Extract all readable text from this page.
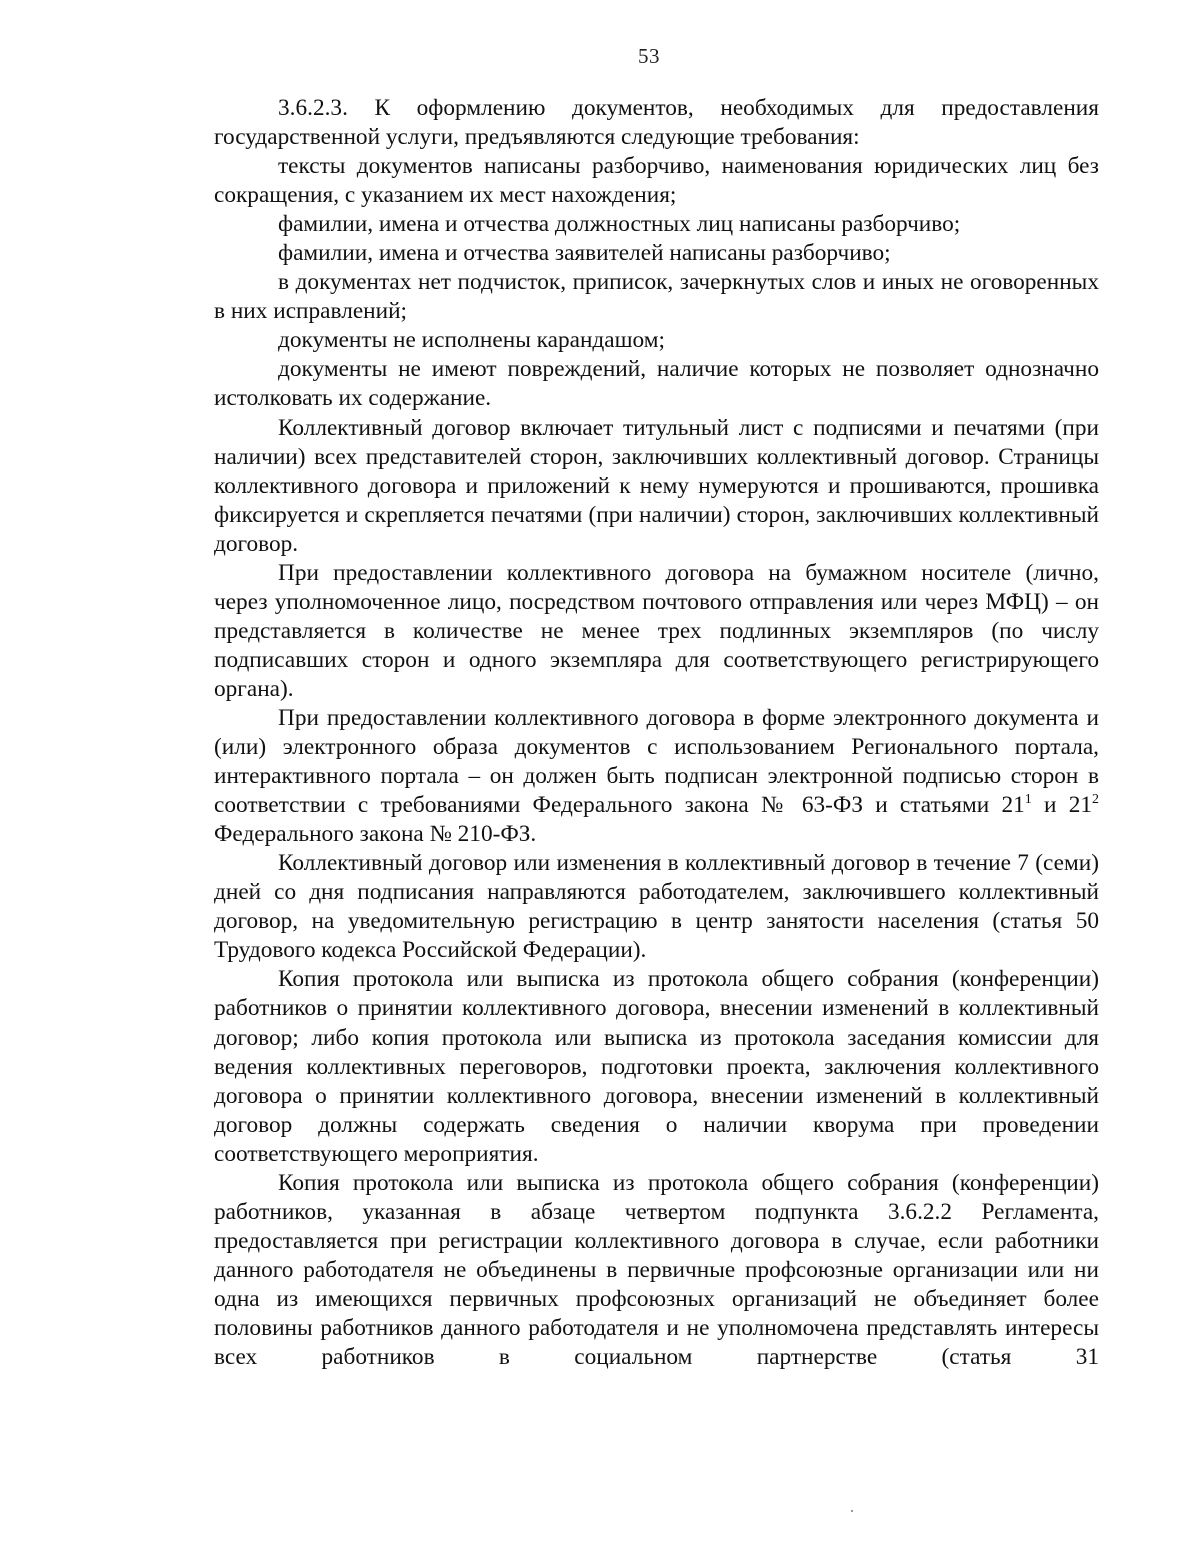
53

3.6.2.3. К оформлению документов, необходимых для предоставления государственной услуги, предъявляются следующие требования:

тексты документов написаны разборчиво, наименования юридических лиц без сокращения, с указанием их мест нахождения;

фамилии, имена и отчества должностных лиц написаны разборчиво;

фамилии, имена и отчества заявителей написаны разборчиво;

в документах нет подчисток, приписок, зачеркнутых слов и иных не оговоренных в них исправлений;

документы не исполнены карандашом;

документы не имеют повреждений, наличие которых не позволяет однозначно истолковать их содержание.

Коллективный договор включает титульный лист с подписями и печатями (при наличии) всех представителей сторон, заключивших коллективный договор. Страницы коллективного договора и приложений к нему нумеруются и прошиваются, прошивка фиксируется и скрепляется печатями (при наличии) сторон, заключивших коллективный договор.

При предоставлении коллективного договора на бумажном носителе (лично, через уполномоченное лицо, посредством почтового отправления или через МФЦ) – он представляется в количестве не менее трех подлинных экземпляров (по числу подписавших сторон и одного экземпляра для соответствующего регистрирующего органа).

При предоставлении коллективного договора в форме электронного документа и (или) электронного образа документов с использованием Регионального портала, интерактивного портала – он должен быть подписан электронной подписью сторон в соответствии с требованиями Федерального закона № 63-ФЗ и статьями $21^1$ и $21^2$ Федерального закона № 210-ФЗ.

Коллективный договор или изменения в коллективный договор в течение 7 (семи) дней со дня подписания направляются работодателем, заключившего коллективный договор, на уведомительную регистрацию в центр занятости населения (статья 50 Трудового кодекса Российской Федерации).

Копия протокола или выписка из протокола общего собрания (конференции) работников о принятии коллективного договора, внесении изменений в коллективный договор; либо копия протокола или выписка из протокола заседания комиссии для ведения коллективных переговоров, подготовки проекта, заключения коллективного договора о принятии коллективного договора, внесении изменений в коллективный договор должны содержать сведения о наличии кворума при проведении соответствующего мероприятия.

Копия протокола или выписка из протокола общего собрания (конференции) работников, указанная в абзаце четвертом подпункта 3.6.2.2 Регламента, предоставляется при регистрации коллективного договора в случае, если работники данного работодателя не объединены в первичные профсоюзные организации или ни одна из имеющихся первичных профсоюзных организаций не объединяет более половины работников данного работодателя и не уполномочена представлять интересы всех работников в социальном партнерстве (статья 31
